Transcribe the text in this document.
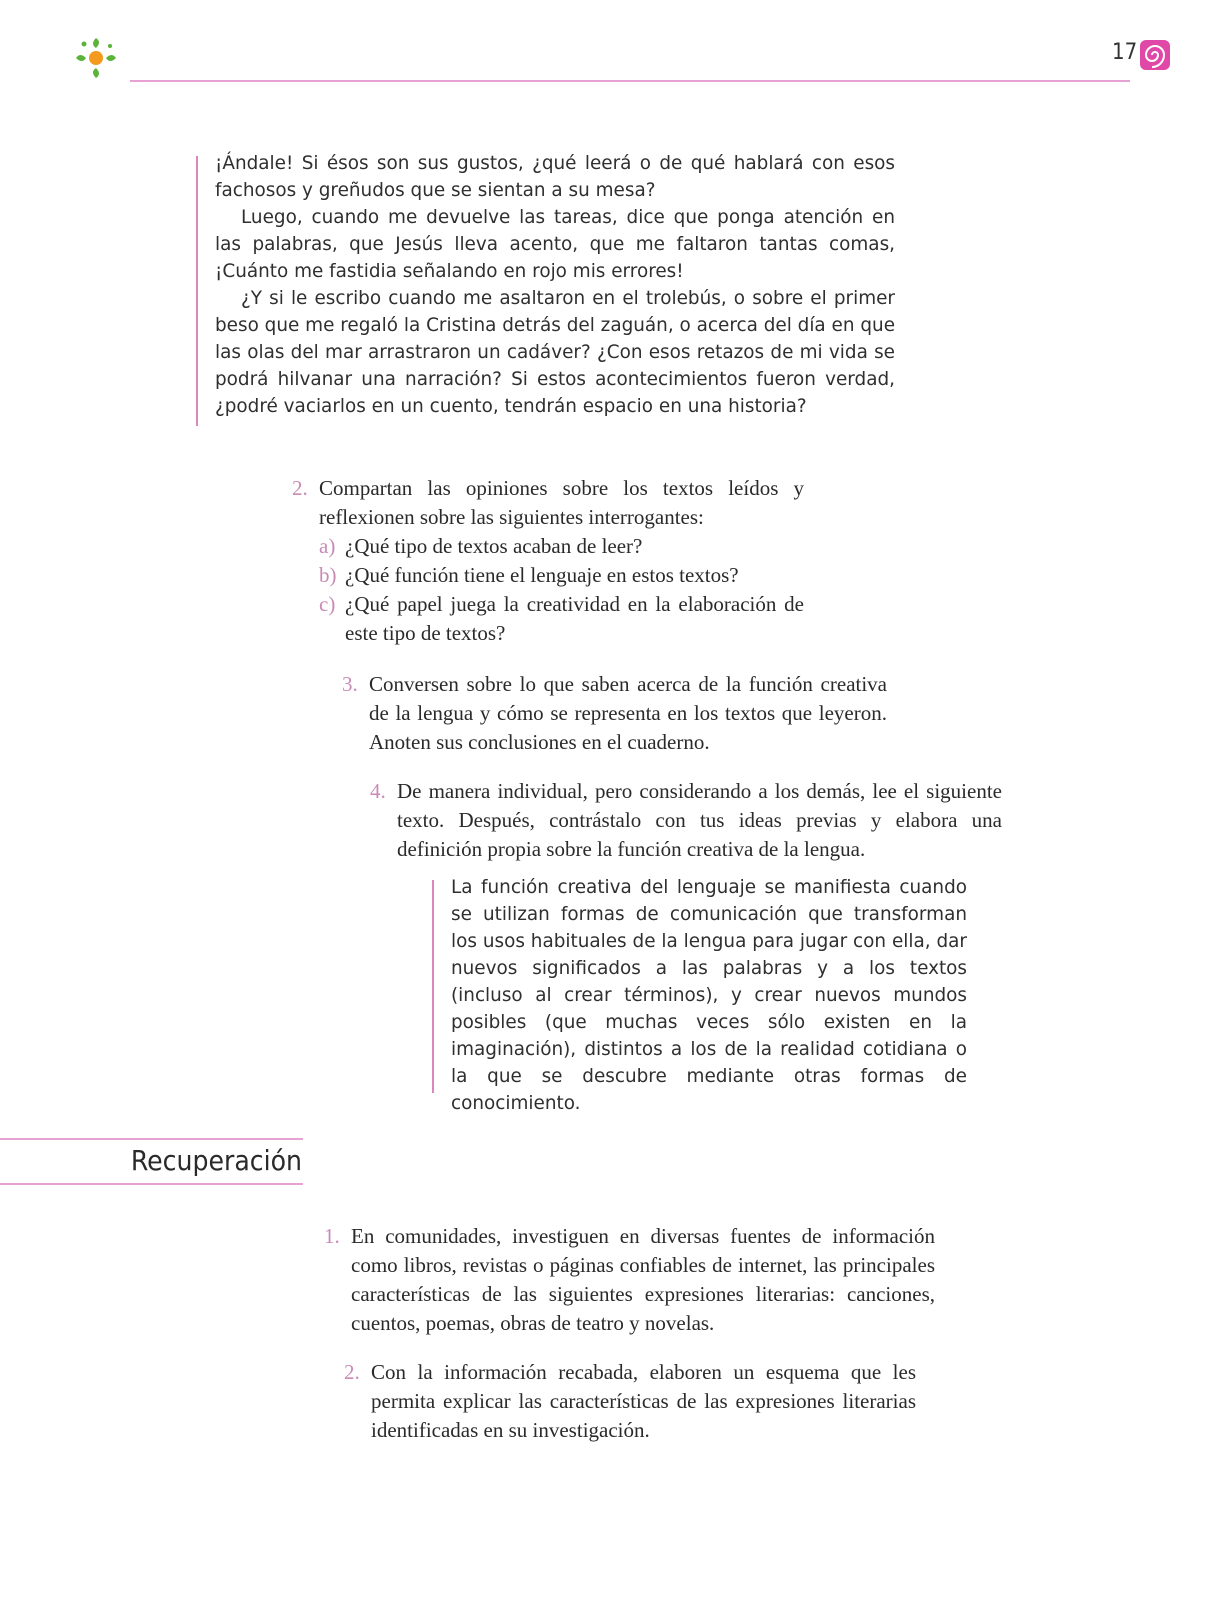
17

¡Ándale! Si ésos son sus gustos, ¿qué leerá o de qué hablará con esos fachosos y greñudos que se sientan a su mesa?

Luego, cuando me devuelve las tareas, dice que ponga atención en las palabras, que Jesús lleva acento, que me faltaron tantas comas, ¡Cuánto me fastidia señalando en rojo mis errores!

¿Y si le escribo cuando me asaltaron en el trolebús, o sobre el primer beso que me regaló la Cristina detrás del zaguán, o acerca del día en que las olas del mar arrastraron un cadáver? ¿Con esos retazos de mi vida se podrá hilvanar una narración? Si estos acontecimientos fueron verdad, ¿podré vaciarlos en un cuento, tendrán espacio en una historia?

2. Compartan las opiniones sobre los textos leídos y reflexionen sobre las siguientes interrogantes:
a) ¿Qué tipo de textos acaban de leer?
b) ¿Qué función tiene el lenguaje en estos textos?
c) ¿Qué papel juega la creatividad en la elaboración de este tipo de textos?
3. Conversen sobre lo que saben acerca de la función creativa de la lengua y cómo se representa en los textos que leyeron. Anoten sus conclusiones en el cuaderno.
4. De manera individual, pero considerando a los demás, lee el siguiente texto. Después, contrástalo con tus ideas previas y elabora una definición propia sobre la función creativa de la lengua.

La función creativa del lenguaje se manifiesta cuando se utilizan formas de comunicación que transforman los usos habituales de la lengua para jugar con ella, dar nuevos significados a las palabras y a los textos (incluso al crear términos), y crear nuevos mundos posibles (que muchas veces sólo existen en la imaginación), distintos a los de la realidad cotidiana o la que se descubre mediante otras formas de conocimiento.

Recuperación
1. En comunidades, investiguen en diversas fuentes de información como libros, revistas o páginas confiables de internet, las principales características de las siguientes expresiones literarias: canciones, cuentos, poemas, obras de teatro y novelas.
2. Con la información recabada, elaboren un esquema que les permita explicar las características de las expresiones literarias identificadas en su investigación.
